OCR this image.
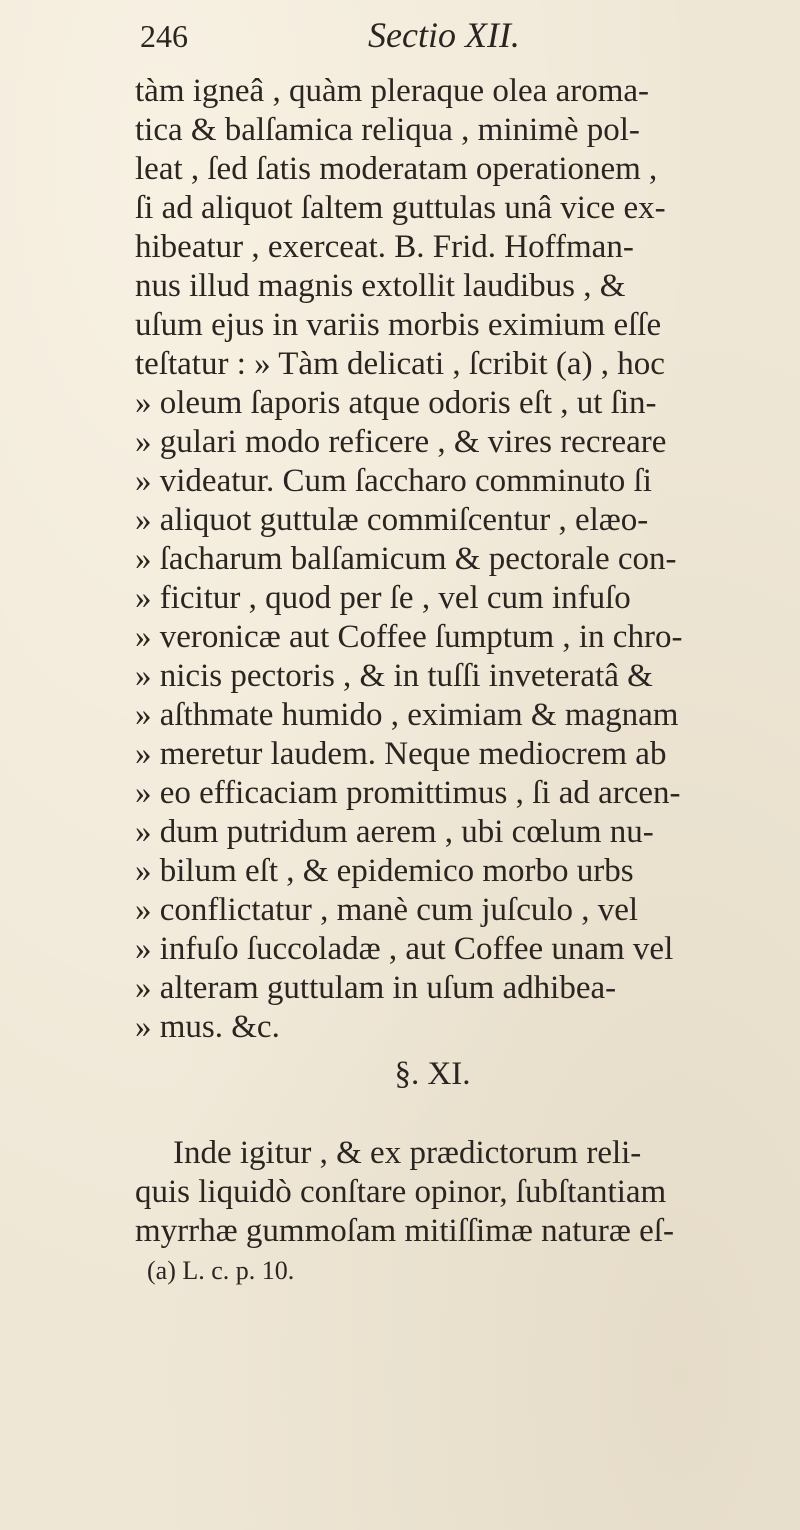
246	Sectio XII.
tàm igneâ , quàm pleraque olea aroma-
tica & balſamica reliqua , minimè pol-
leat , ſed ſatis moderatam operationem ,
ſi ad aliquot ſaltem guttulas unâ vice ex-
hibeatur , exerceat. B. Frid. Hoffman-
nus illud magnis extollit laudibus , &
uſum ejus in variis morbis eximium eſſe
teſtatur : » Tàm delicati , ſcribit (a) , hoc
» oleum ſaporis atque odoris eſt , ut ſin-
» gulari modo reficere , & vires recreare
» videatur. Cum ſaccharo comminuto ſi
» aliquot guttulæ commiſcentur , elæo-
» ſacharum balſamicum & pectorale con-
» ficitur , quod per ſe , vel cum infuſo
» veronicæ aut Coffee ſumptum , in chro-
» nicis pectoris , & in tuſſi inveteratâ &
» aſthmate humido , eximiam & magnam
» meretur laudem. Neque mediocrem ab
» eo efficaciam promittimus , ſi ad arcen-
» dum putridum aerem , ubi cœlum nu-
» bilum eſt , & epidemico morbo urbs
» conflictatur , manè cum juſculo , vel
» infuſo ſuccoladæ , aut Coffee unam vel
» alteram guttulam in uſum adhibea-
» mus. &c.
§. XI.
Inde igitur , & ex prædictorum reli-
quis liquidò conſtare opinor, ſubſtantiam
myrrhæ gummoſam mitiſſimæ naturæ eſ-
(a) L. c. p. 10.
